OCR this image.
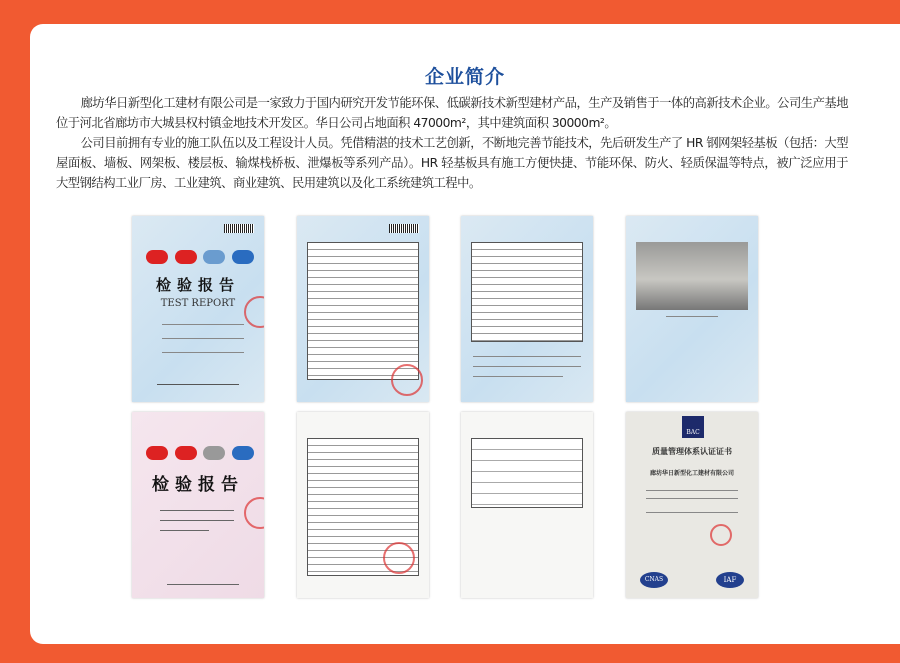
企业简介

廊坊华日新型化工建材有限公司是一家致力于国内研究开发节能环保、低碳新技术新型建材产品，生产及销售于一体的高新技术企业。公司生产基地位于河北省廊坊市大城县权村镇金地技术开发区。华日公司占地面积 47000m²，其中建筑面积 30000m²。

公司目前拥有专业的施工队伍以及工程设计人员。凭借精湛的技术工艺创新，不断地完善节能技术，先后研发生产了 HR 钢网架轻基板（包括：大型屋面板、墙板、网架板、楼层板、输煤栈桥板、泄爆板等系列产品）。HR 轻基板具有施工方便快捷、节能环保、防火、轻质保温等特点，被广泛应用于大型钢结构工业厂房、工业建筑、商业建筑、民用建筑以及化工系统建筑工程中。

检验报告
TEST REPORT
检验报告
BAC
质量管理体系认证证书
廊坊华日新型化工建材有限公司
CNAS	IAF
